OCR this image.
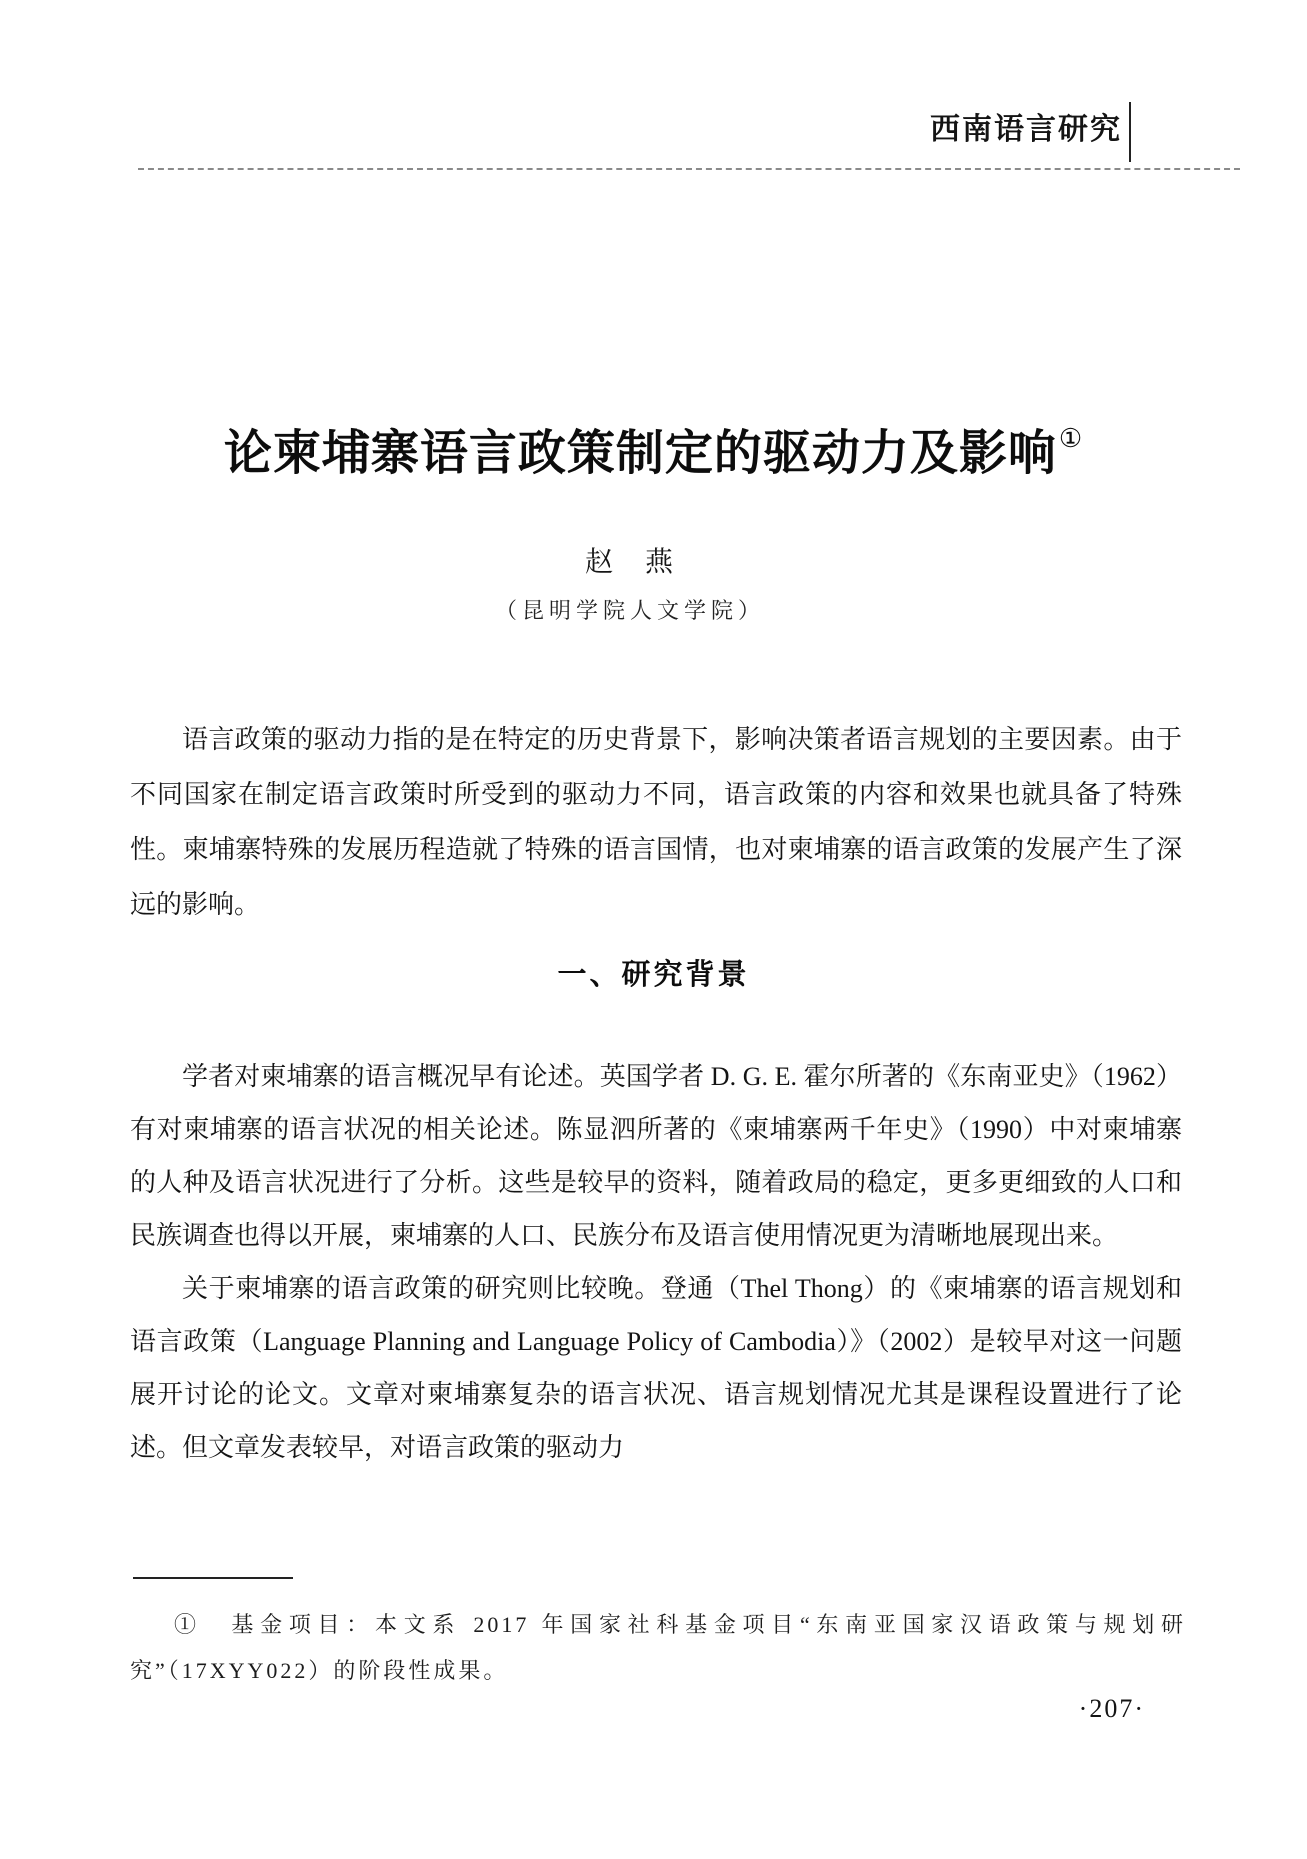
西南语言研究
论柬埔寨语言政策制定的驱动力及影响①
赵　燕
（昆明学院人文学院）
语言政策的驱动力指的是在特定的历史背景下，影响决策者语言规划的主要因素。由于不同国家在制定语言政策时所受到的驱动力不同，语言政策的内容和效果也就具备了特殊性。柬埔寨特殊的发展历程造就了特殊的语言国情，也对柬埔寨的语言政策的发展产生了深远的影响。
一、研究背景

学者对柬埔寨的语言概况早有论述。英国学者 D. G. E. 霍尔所著的《东南亚史》（1962）有对柬埔寨的语言状况的相关论述。陈显泗所著的《柬埔寨两千年史》（1990）中对柬埔寨的人种及语言状况进行了分析。这些是较早的资料，随着政局的稳定，更多更细致的人口和民族调查也得以开展，柬埔寨的人口、民族分布及语言使用情况更为清晰地展现出来。

关于柬埔寨的语言政策的研究则比较晚。登通（Thel Thong）的《柬埔寨的语言规划和语言政策（Language Planning and Language Policy of Cambodia）》（2002）是较早对这一问题展开讨论的论文。文章对柬埔寨复杂的语言状况、语言规划情况尤其是课程设置进行了论述。但文章发表较早，对语言政策的驱动力

①　基金项目：本文系 2017 年国家社科基金项目“东南亚国家汉语政策与规划研究”（17XYY022）的阶段性成果。
·207·
